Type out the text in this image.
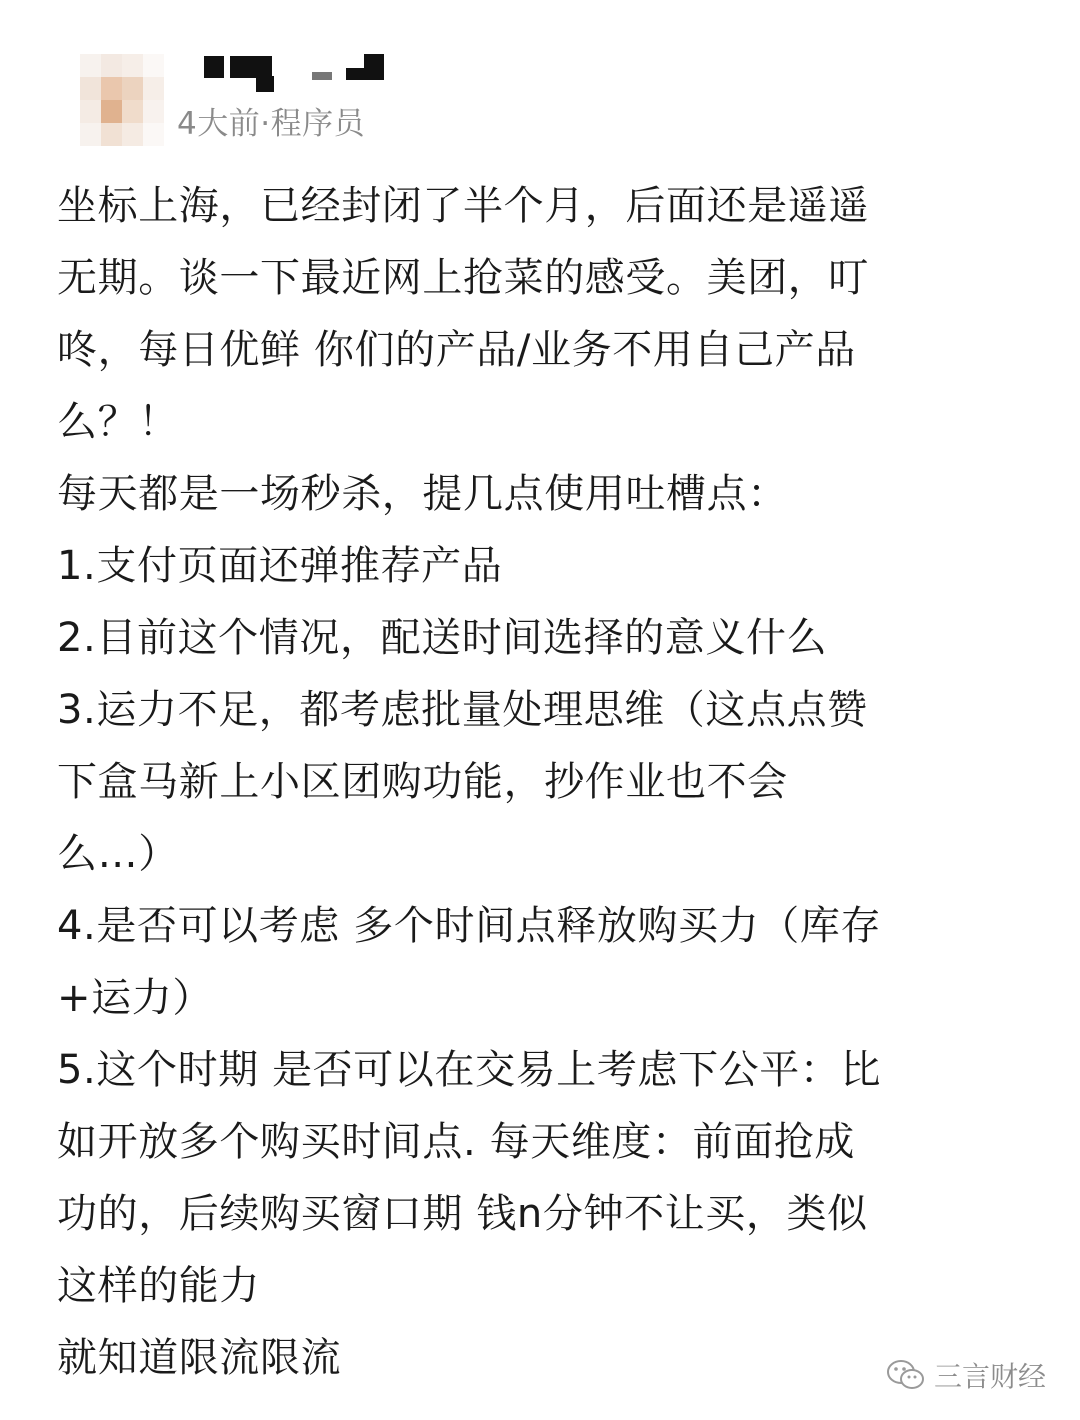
4大前·程序员
坐标上海，已经封闭了半个月，后面还是遥遥
无期。谈一下最近网上抢菜的感受。美团，叮
咚，每日优鲜 你们的产品/业务不用自己产品
么？！
每天都是一场秒杀，提几点使用吐槽点：
1.支付页面还弹推荐产品
2.目前这个情况，配送时间选择的意义什么
3.运力不足，都考虑批量处理思维（这点点赞
下盒马新上小区团购功能，抄作业也不会
么…）
4.是否可以考虑 多个时间点释放购买力（库存
+运力）
5.这个时期 是否可以在交易上考虑下公平：比
如开放多个购买时间点. 每天维度：前面抢成
功的，后续购买窗口期 钱n分钟不让买，类似
这样的能力
就知道限流限流	三言财经
